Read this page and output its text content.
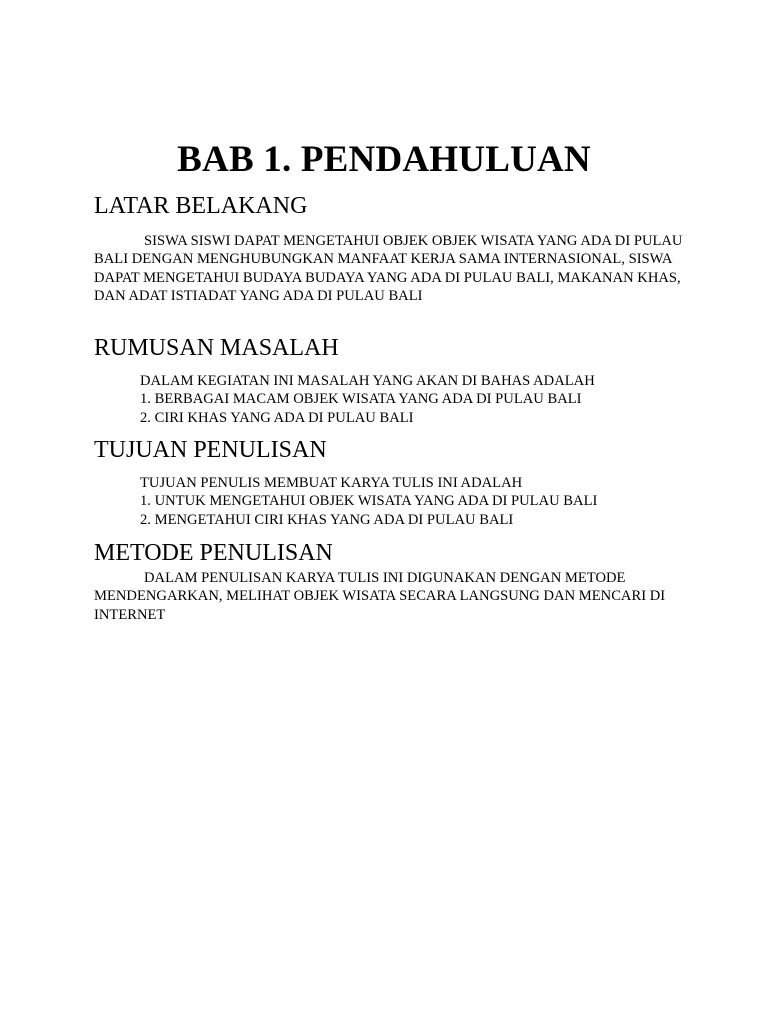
BAB 1. PENDAHULUAN
LATAR BELAKANG
SISWA SISWI DAPAT MENGETAHUI OBJEK OBJEK WISATA YANG ADA DI PULAU BALI DENGAN MENGHUBUNGKAN MANFAAT KERJA SAMA INTERNASIONAL, SISWA DAPAT MENGETAHUI BUDAYA BUDAYA YANG ADA DI PULAU BALI, MAKANAN KHAS, DAN ADAT ISTIADAT YANG ADA DI PULAU BALI
RUMUSAN MASALAH
DALAM KEGIATAN INI MASALAH YANG AKAN DI BAHAS ADALAH
1. BERBAGAI MACAM OBJEK WISATA YANG ADA DI PULAU BALI
2. CIRI KHAS YANG ADA DI PULAU BALI
TUJUAN PENULISAN
TUJUAN PENULIS MEMBUAT KARYA TULIS INI ADALAH
1. UNTUK MENGETAHUI OBJEK WISATA YANG ADA DI PULAU BALI
2. MENGETAHUI CIRI KHAS YANG ADA DI PULAU BALI
METODE PENULISAN
DALAM PENULISAN KARYA TULIS INI DIGUNAKAN DENGAN METODE MENDENGARKAN, MELIHAT OBJEK WISATA SECARA LANGSUNG DAN MENCARI DI INTERNET
